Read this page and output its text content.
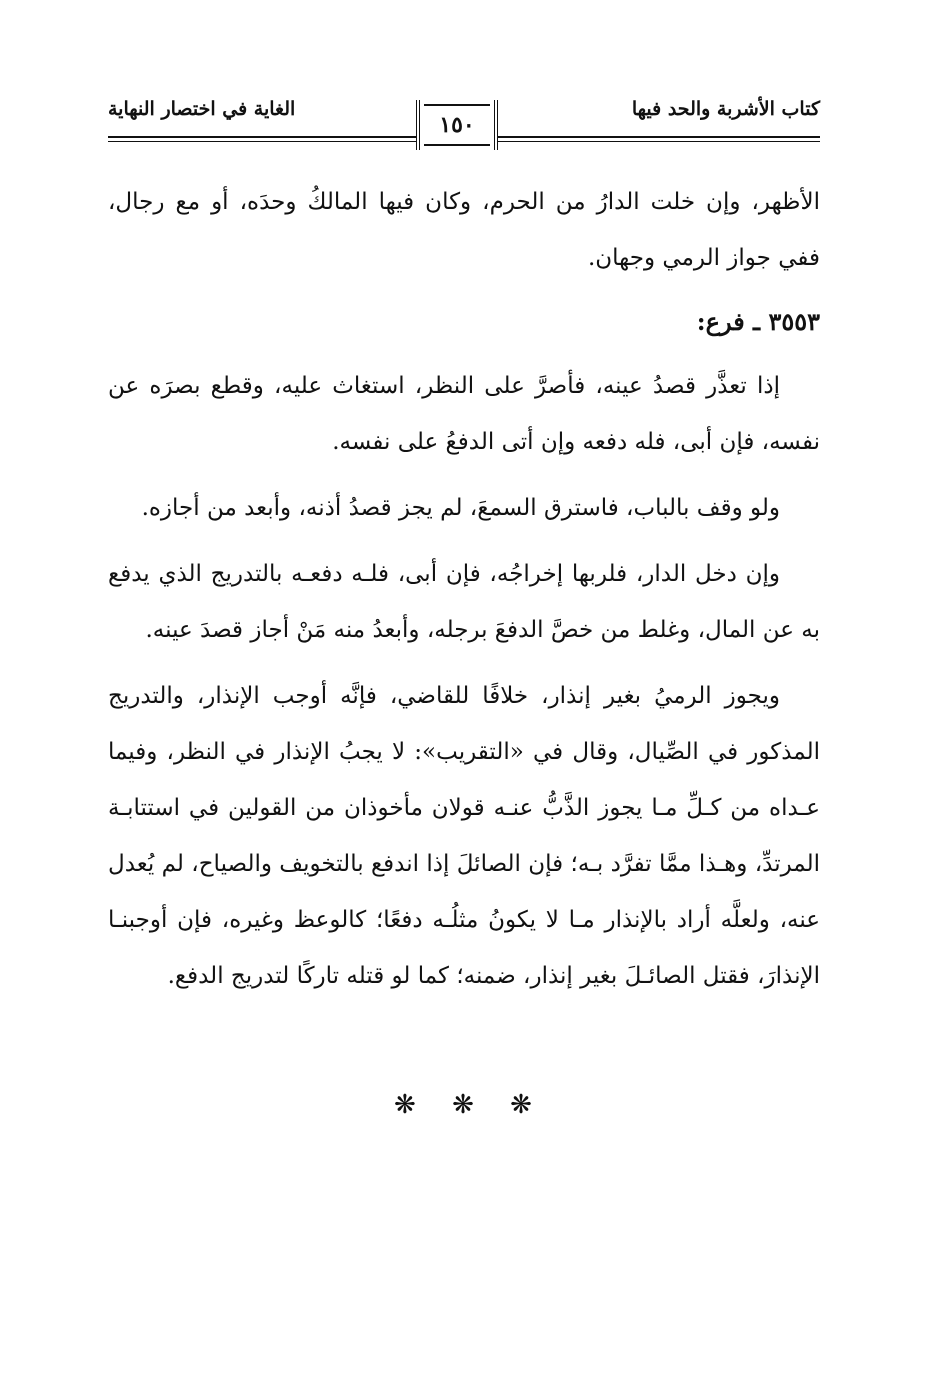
كتاب الأشربة والحد فيها
الغاية في اختصار النهاية
١٥٠

الأظهر، وإن خلت الدارُ من الحرم، وكان فيها المالكُ وحدَه، أو مع رجال، ففي جواز الرمي وجهان.

٣٥٥٣ ـ فرع:

إذا تعذَّر قصدُ عينه، فأصرَّ على النظر، استغاث عليه، وقطع بصرَه عن نفسه، فإن أبى، فله دفعه وإن أتى الدفعُ على نفسه.

ولو وقف بالباب، فاسترق السمعَ، لم يجز قصدُ أذنه، وأبعد من أجازه.

وإن دخل الدار، فلربها إخراجُه، فإن أبى، فلـه دفعـه بالتدريج الذي يدفع به عن المال، وغلط من خصَّ الدفعَ برجله، وأبعدُ منه مَنْ أجاز قصدَ عينه.

ويجوز الرميُ بغير إنذار، خلافًا للقاضي، فإنَّه أوجب الإنذار، والتدريج المذكور في الصِّيال، وقال في «التقريب»: لا يجبُ الإنذار في النظر، وفيما عـداه من كـلِّ مـا يجوز الذَّبُّ عنـه قولان مأخوذان من القولين في استتابـة المرتدِّ، وهـذا ممَّا تفرَّد بـه؛ فإن الصائلَ إذا اندفع بالتخويف والصياح، لم يُعدل عنه، ولعلَّه أراد بالإنذار مـا لا يكونُ مثلُـه دفعًا؛ كالوعظ وغيره، فإن أوجبنـا الإنذارَ، فقتل الصائـلَ بغير إنذار، ضمنه؛ كما لو قتله تاركًا لتدريج الدفع.

❋ ❋ ❋
